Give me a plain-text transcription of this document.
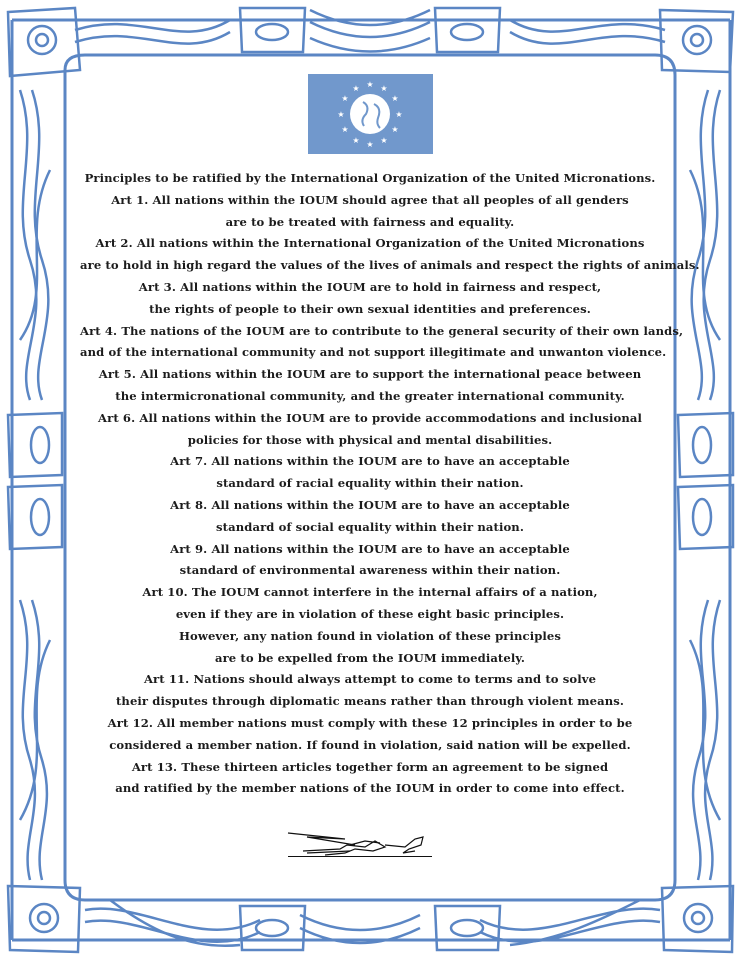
★ ★
★
★
★
★
★
★
★
★
★
★
Principles to be ratified by the International Organization of the United Micronations.
Art 1. All nations within the IOUM should agree that all peoples of all genders
are to be treated with fairness and equality.
Art 2. All nations within the International Organization of the United Micronations
are to hold in high regard the values of the lives of animals and respect the rights of animals.
Art 3. All nations within the IOUM are to hold in fairness and respect,
the rights of people to their own sexual identities and preferences.
Art 4. The nations of the IOUM are to contribute to the general security of their own lands,
and of the international community and not support illegitimate and unwanton violence.
Art 5. All nations within the IOUM are to support the international peace between
the intermicronational community, and the greater international community.
Art 6. All nations within the IOUM are to provide accommodations and inclusional
policies for those with physical and mental disabilities.
Art 7. All nations within the IOUM are to have an acceptable
standard of racial equality within their nation.
Art 8. All nations within the IOUM are to have an acceptable
standard of social equality within their nation.
Art 9. All nations within the IOUM are to have an acceptable
standard of environmental awareness within their nation.
Art 10. The IOUM cannot interfere in the internal affairs of a nation,
even if they are in violation of these eight basic principles.
However, any nation found in violation of these principles
are to be expelled from the IOUM immediately.
Art 11. Nations should always attempt to come to terms and to solve
their disputes through diplomatic means rather than through violent means.
Art 12. All member nations must comply with these 12 principles in order to be
considered a member nation. If found in violation, said nation will be expelled.
Art 13. These thirteen articles together form an agreement to be signed
and ratified by the member nations of the IOUM in order to come into effect.
